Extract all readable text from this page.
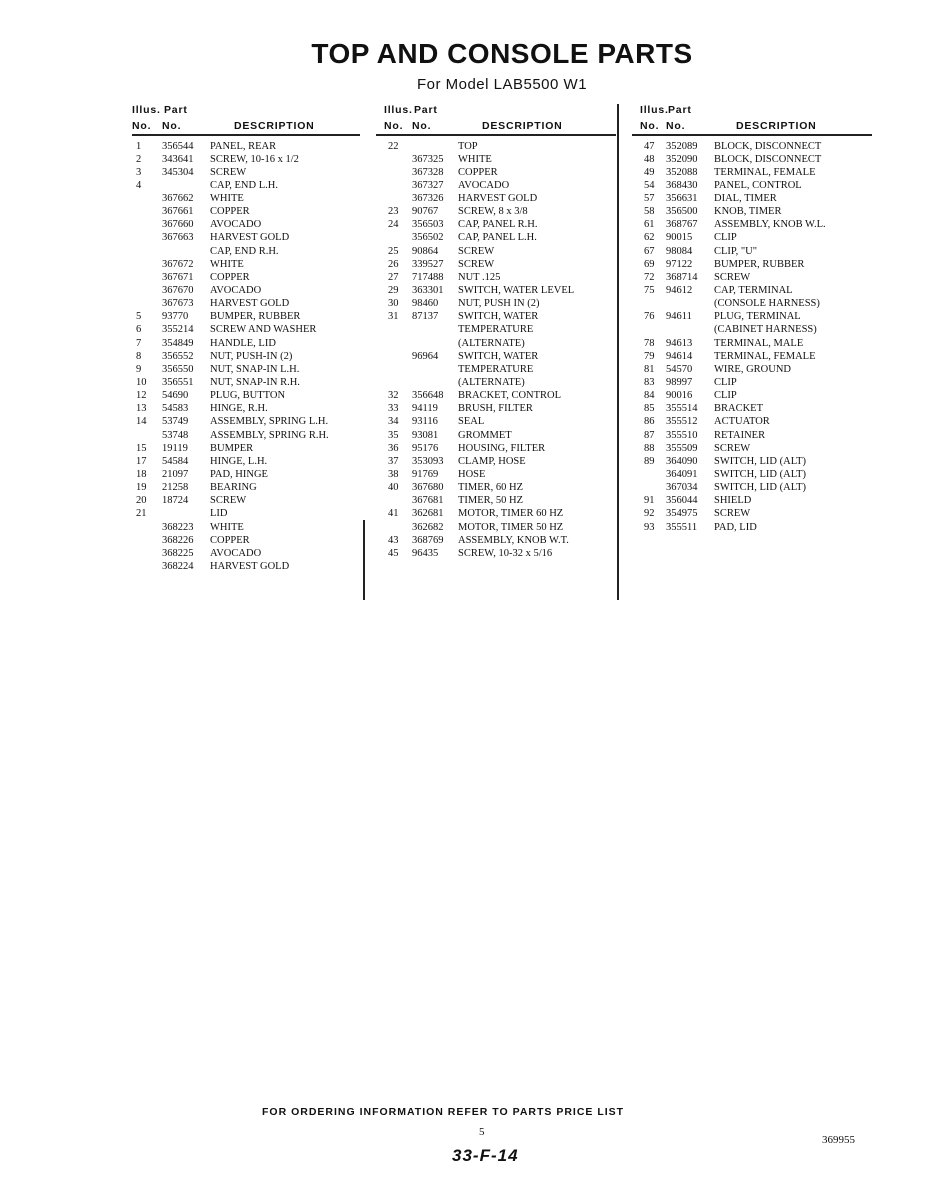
TOP AND CONSOLE PARTS
For Model LAB5500 W1
Illus. Part
No. No.	DESCRIPTION
1 356544 PANEL, REAR
2 343641 SCREW, 10-16 x 1/2
3 345304 SCREW
4	CAP, END L.H.
367662 WHITE
367661 COPPER
367660 AVOCADO
367663 HARVEST GOLD
CAP, END R.H.
367672 WHITE
367671 COPPER
367670 AVOCADO
367673 HARVEST GOLD
5 93770 BUMPER, RUBBER
6 355214 SCREW AND WASHER
7 354849 HANDLE, LID
8 356552 NUT, PUSH-IN (2)
9 356550 NUT, SNAP-IN L.H.
10 356551 NUT, SNAP-IN R.H.
12 54690 PLUG, BUTTON
13 54583 HINGE, R.H.
14 53749 ASSEMBLY, SPRING L.H.
53748 ASSEMBLY, SPRING R.H.
15 19119 BUMPER
17 54584 HINGE, L.H.
18 21097 PAD, HINGE
19 21258 BEARING
20 18724 SCREW
21	LID
368223 WHITE
368226 COPPER
368225 AVOCADO
368224 HARVEST GOLD
Illus. Part
No. No.	DESCRIPTION
22	TOP
367325 WHITE
367328 COPPER
367327 AVOCADO
367326 HARVEST GOLD
23 90767 SCREW, 8 x 3/8
24 356503 CAP, PANEL R.H.
356502 CAP, PANEL L.H.
25 90864 SCREW
26 339527 SCREW
27 717488 NUT .125
29 363301 SWITCH, WATER LEVEL
30 98460 NUT, PUSH IN (2)
31 87137 SWITCH, WATER
TEMPERATURE
(ALTERNATE)
96964 SWITCH, WATER
TEMPERATURE
(ALTERNATE)
32 356648 BRACKET, CONTROL
33 94119 BRUSH, FILTER
34 93116 SEAL
35 93081 GROMMET
36 95176 HOUSING, FILTER
37 353093 CLAMP, HOSE
38 91769 HOSE
40 367680 TIMER, 60 HZ
367681 TIMER, 50 HZ
41 362681 MOTOR, TIMER 60 HZ
362682 MOTOR, TIMER 50 HZ
43 368769 ASSEMBLY, KNOB W.T.
45 96435 SCREW, 10-32 x 5/16
Illus. Part
No. No.	DESCRIPTION
47 352089 BLOCK, DISCONNECT
48 352090 BLOCK, DISCONNECT
49 352088 TERMINAL, FEMALE
54 368430 PANEL, CONTROL
57 356631 DIAL, TIMER
58 356500 KNOB, TIMER
61 368767 ASSEMBLY, KNOB W.L.
62 90015 CLIP
67 98084 CLIP, "U"
69 97122 BUMPER, RUBBER
72 368714 SCREW
75 94612 CAP, TERMINAL
(CONSOLE HARNESS)
76 94611 PLUG, TERMINAL
(CABINET HARNESS)
78 94613 TERMINAL, MALE
79 94614 TERMINAL, FEMALE
81 54570 WIRE, GROUND
83 98997 CLIP
84 90016 CLIP
85 355514 BRACKET
86 355512 ACTUATOR
87 355510 RETAINER
88 355509 SCREW
89 364090 SWITCH, LID (ALT)
364091 SWITCH, LID (ALT)
367034 SWITCH, LID (ALT)
91 356044 SHIELD
92 354975 SCREW
93 355511 PAD, LID
FOR ORDERING INFORMATION REFER TO PARTS PRICE LIST
5
369955
33-F-14
